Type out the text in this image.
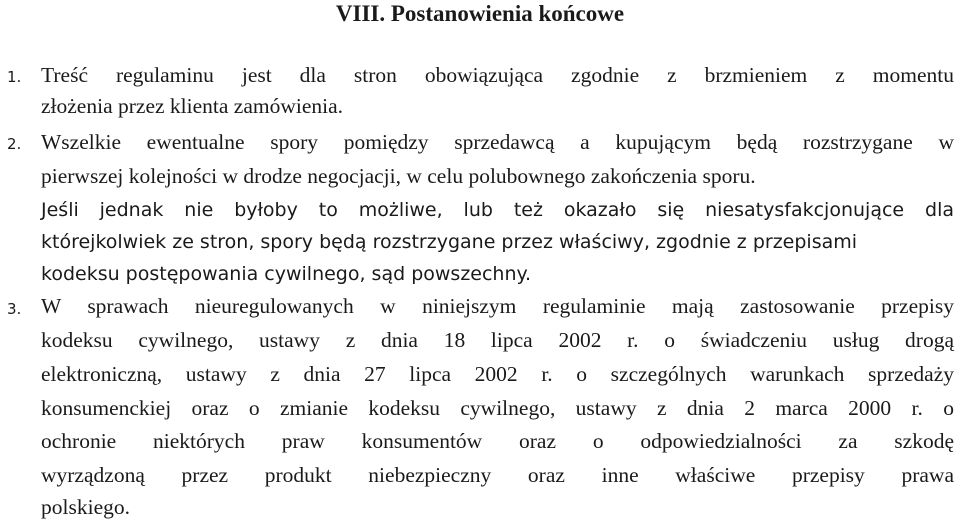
VIII. Postanowienia końcowe
1. Treść regulaminu jest dla stron obowiązująca zgodnie z brzmieniem z momentu
złożenia przez klienta zamówienia.
2. Wszelkie ewentualne spory pomiędzy sprzedawcą a kupującym będą rozstrzygane w
pierwszej kolejności w drodze negocjacji, w celu polubownego zakończenia sporu.
Jeśli jednak nie byłoby to możliwe, lub też okazało się niesatysfakcjonujące dla
którejkolwiek ze stron, spory będą rozstrzygane przez właściwy, zgodnie z przepisami
kodeksu postępowania cywilnego, sąd powszechny.
3. W sprawach nieuregulowanych w niniejszym regulaminie mają zastosowanie przepisy
kodeksu cywilnego, ustawy z dnia 18 lipca 2002 r. o świadczeniu usług drogą
elektroniczną, ustawy z dnia 27 lipca 2002 r. o szczególnych warunkach sprzedaży
konsumenckiej oraz o zmianie kodeksu cywilnego, ustawy z dnia 2 marca 2000 r. o
ochronie niektórych praw konsumentów oraz o odpowiedzialności za szkodę
wyrządzoną przez produkt niebezpieczny oraz inne właściwe przepisy prawa
polskiego.
